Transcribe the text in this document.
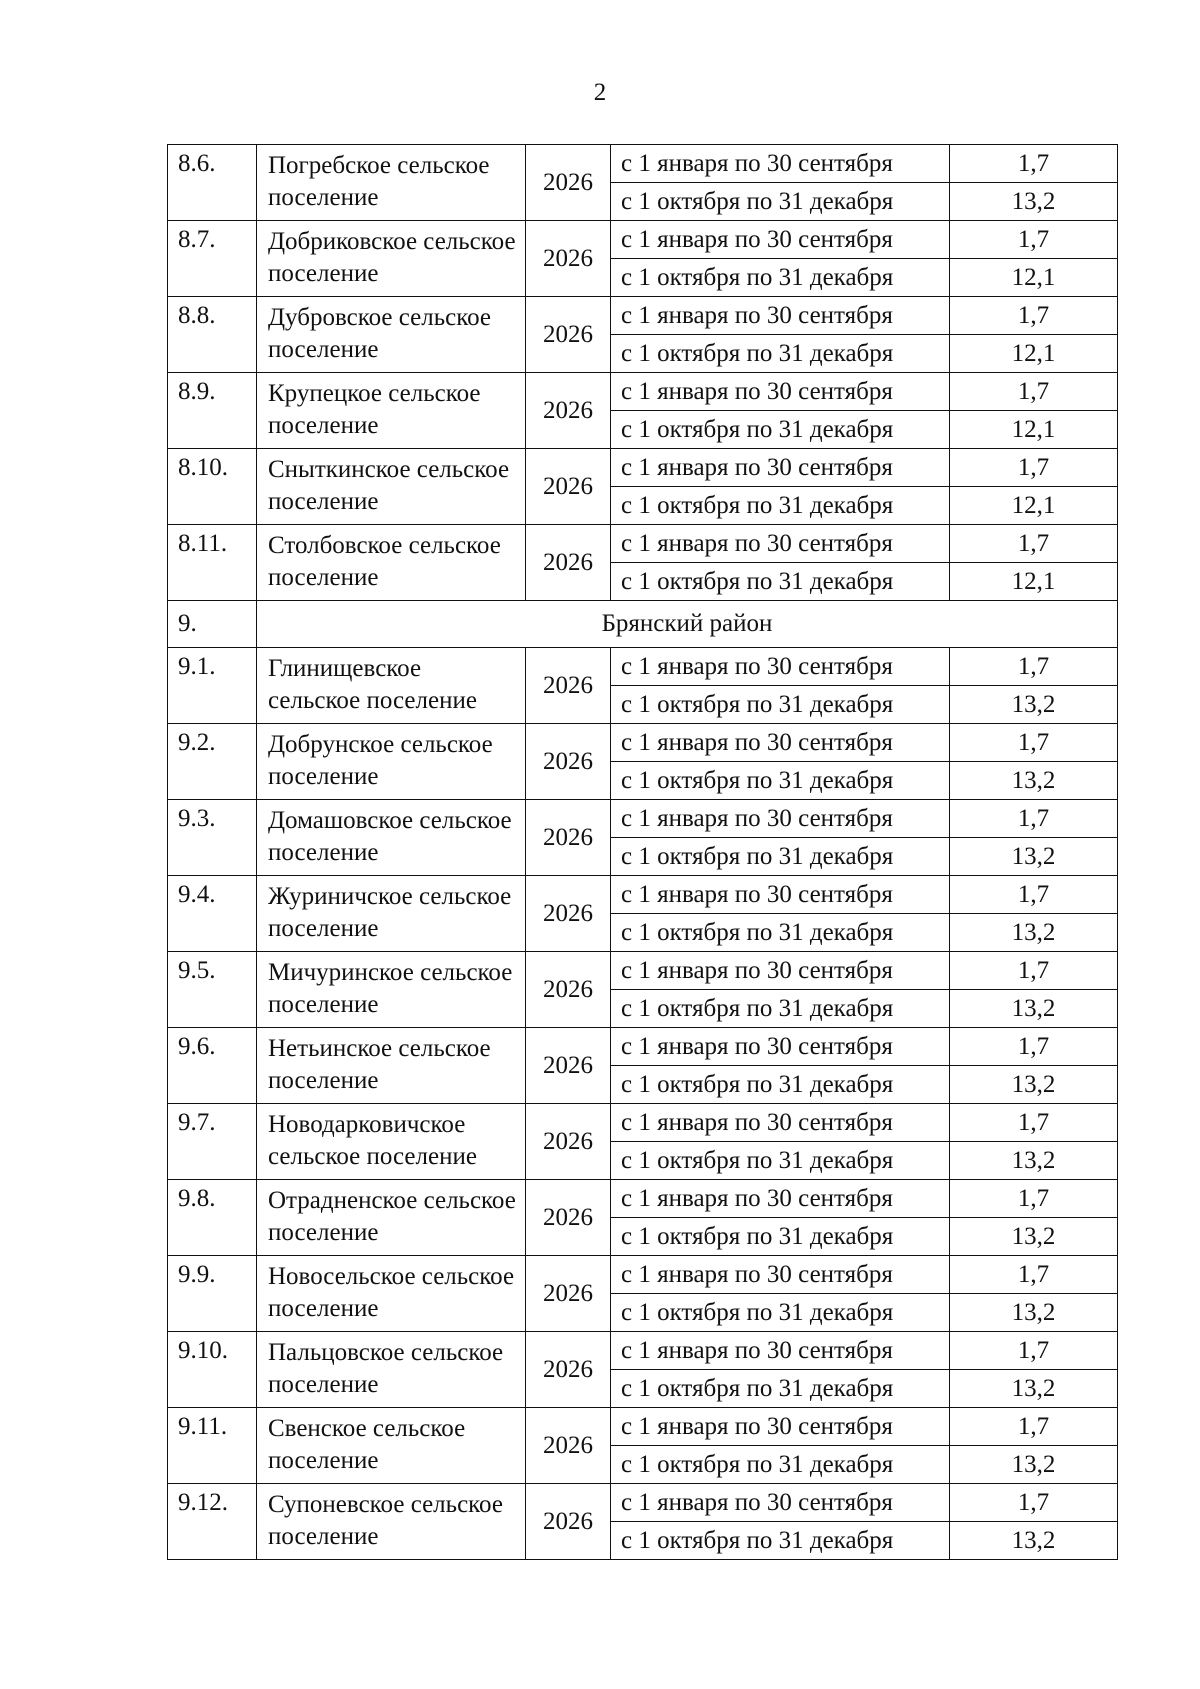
2
8.6.	Погребское сельское поселение	2026	с 1 января по 30 сентября	1,7
			с 1 октября по 31 декабря	13,2
8.7.	Добриковское сельское поселение	2026	с 1 января по 30 сентября	1,7
			с 1 октября по 31 декабря	12,1
8.8.	Дубровское сельское поселение	2026	с 1 января по 30 сентября	1,7
			с 1 октября по 31 декабря	12,1
8.9.	Крупецкое сельское поселение	2026	с 1 января по 30 сентября	1,7
			с 1 октября по 31 декабря	12,1
8.10.	Сныткинское сельское поселение	2026	с 1 января по 30 сентября	1,7
			с 1 октября по 31 декабря	12,1
8.11.	Столбовское сельское поселение	2026	с 1 января по 30 сентября	1,7
			с 1 октября по 31 декабря	12,1
9.	Брянский район			
9.1.	Глинищевское сельское поселение	2026	с 1 января по 30 сентября	1,7
			с 1 октября по 31 декабря	13,2
9.2.	Добрунское сельское поселение	2026	с 1 января по 30 сентября	1,7
			с 1 октября по 31 декабря	13,2
9.3.	Домашовское сельское поселение	2026	с 1 января по 30 сентября	1,7
			с 1 октября по 31 декабря	13,2
9.4.	Журиничское сельское поселение	2026	с 1 января по 30 сентября	1,7
			с 1 октября по 31 декабря	13,2
9.5.	Мичуринское сельское поселение	2026	с 1 января по 30 сентября	1,7
			с 1 октября по 31 декабря	13,2
9.6.	Нетьинское сельское поселение	2026	с 1 января по 30 сентября	1,7
			с 1 октября по 31 декабря	13,2
9.7.	Новодарковичское сельское поселение	2026	с 1 января по 30 сентября	1,7
			с 1 октября по 31 декабря	13,2
9.8.	Отрадненское сельское поселение	2026	с 1 января по 30 сентября	1,7
			с 1 октября по 31 декабря	13,2
9.9.	Новосельское сельское поселение	2026	с 1 января по 30 сентября	1,7
			с 1 октября по 31 декабря	13,2
9.10.	Пальцовское сельское поселение	2026	с 1 января по 30 сентября	1,7
			с 1 октября по 31 декабря	13,2
9.11.	Свенское сельское поселение	2026	с 1 января по 30 сентября	1,7
			с 1 октября по 31 декабря	13,2
9.12.	Супоневское сельское поселение	2026	с 1 января по 30 сентября	1,7
			с 1 октября по 31 декабря	13,2
